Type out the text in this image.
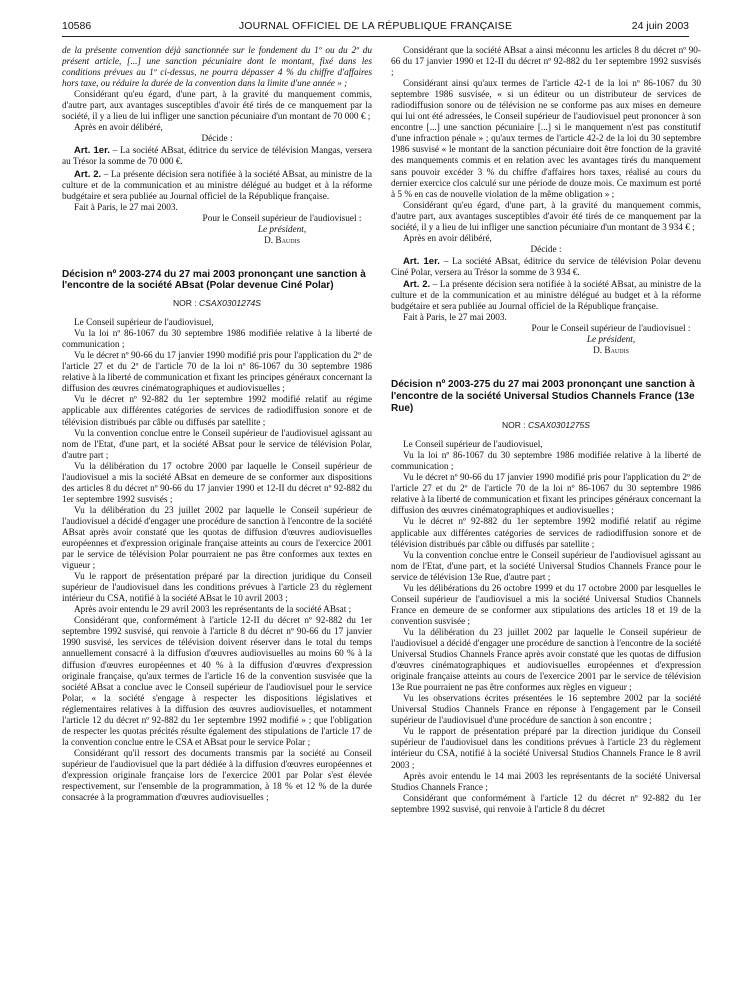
10586	JOURNAL OFFICIEL DE LA RÉPUBLIQUE FRANÇAISE	24 juin 2003

de la présente convention déjà sanctionnée sur le fondement du 1º ou du 2º du présent article, [...] une sanction pécuniaire dont le montant, fixé dans les conditions prévues au 1º ci-dessus, ne pourra dépasser 4 % du chiffre d'affaires hors taxe, ou réduire la durée de la convention dans la limite d'une année » ;

Considérant qu'eu égard, d'une part, à la gravité du manquement commis, d'autre part, aux avantages susceptibles d'avoir été tirés de ce manquement par la société, il y a lieu de lui infliger une sanction pécuniaire d'un montant de 70 000 € ;

Après en avoir délibéré,

Décide :

Art. 1er. – La société ABsat, éditrice du service de télévision Mangas, versera au Trésor la somme de 70 000 €.

Art. 2. – La présente décision sera notifiée à la société ABsat, au ministre de la culture et de la communication et au ministre délégué au budget et à la réforme budgétaire et sera publiée au Journal officiel de la République française.

Fait à Paris, le 27 mai 2003.

Pour le Conseil supérieur de l'audiovisuel :
Le président,
D. Baudis
Décision nº 2003-274 du 27 mai 2003 prononçant une sanction à l'encontre de la société ABsat (Polar devenue Ciné Polar)
NOR : CSAX0301274S

Le Conseil supérieur de l'audiovisuel,

Vu la loi nº 86-1067 du 30 septembre 1986 modifiée relative à la liberté de communication ;

Vu le décret nº 90-66 du 17 janvier 1990 modifié pris pour l'application du 2º de l'article 27 et du 2º de l'article 70 de la loi nº 86-1067 du 30 septembre 1986 relative à la liberté de communication et fixant les principes généraux concernant la diffusion des œuvres cinématographiques et audiovisuelles ;

Vu le décret nº 92-882 du 1er septembre 1992 modifié relatif au régime applicable aux différentes catégories de services de radiodiffusion sonore et de télévision distribués par câble ou diffusés par satellite ;

Vu la convention conclue entre le Conseil supérieur de l'audiovisuel agissant au nom de l'Etat, d'une part, et la société ABsat pour le service de télévision Polar, d'autre part ;

Vu la délibération du 17 octobre 2000 par laquelle le Conseil supérieur de l'audiovisuel a mis la société ABsat en demeure de se conformer aux dispositions des articles 8 du décret nº 90-66 du 17 janvier 1990 et 12-II du décret nº 92-882 du 1er septembre 1992 susvisés ;

Vu la délibération du 23 juillet 2002 par laquelle le Conseil supérieur de l'audiovisuel a décidé d'engager une procédure de sanction à l'encontre de la société ABsat après avoir constaté que les quotas de diffusion d'œuvres audiovisuelles européennes et d'expression originale française atteints au cours de l'exercice 2001 par le service de télévision Polar pourraient ne pas être conformes aux textes en vigueur ;

Vu le rapport de présentation préparé par la direction juridique du Conseil supérieur de l'audiovisuel dans les conditions prévues à l'article 23 du règlement intérieur du CSA, notifié à la société ABsat le 10 avril 2003 ;

Après avoir entendu le 29 avril 2003 les représentants de la société ABsat ;

Considérant que, conformément à l'article 12-II du décret nº 92-882 du 1er septembre 1992 susvisé, qui renvoie à l'article 8 du décret nº 90-66 du 17 janvier 1990 susvisé, les services de télévision doivent réserver dans le total du temps annuellement consacré à la diffusion d'œuvres audiovisuelles au moins 60 % à la diffusion d'œuvres européennes et 40 % à la diffusion d'œuvres d'expression originale française, qu'aux termes de l'article 16 de la convention susvisée que la société ABsat a conclue avec le Conseil supérieur de l'audiovisuel pour le service Polar, « la société s'engage à respecter les dispositions législatives et réglementaires relatives à la diffusion des œuvres audiovisuelles, et notamment l'article 12 du décret nº 92-882 du 1er septembre 1992 modifié » ; que l'obligation de respecter les quotas précités résulte également des stipulations de l'article 17 de la convention conclue entre le CSA et ABsat pour le service Polar ;

Considérant qu'il ressort des documents transmis par la société au Conseil supérieur de l'audiovisuel que la part dédiée à la diffusion d'œuvres européennes et d'expression originale française lors de l'exercice 2001 par Polar s'est élevée respectivement, sur l'ensemble de la programmation, à 18 % et 12 % de la durée consacrée à la programmation d'œuvres audiovisuelles ;

Considérant que la société ABsat a ainsi méconnu les articles 8 du décret nº 90-66 du 17 janvier 1990 et 12-II du décret nº 92-882 du 1er septembre 1992 susvisés ;

Considérant ainsi qu'aux termes de l'article 42-1 de la loi nº 86-1067 du 30 septembre 1986 susvisée, « si un éditeur ou un distributeur de services de radiodiffusion sonore ou de télévision ne se conforme pas aux mises en demeure qui lui ont été adressées, le Conseil supérieur de l'audiovisuel peut prononcer à son encontre [...] une sanction pécuniaire [...] si le manquement n'est pas constitutif d'une infraction pénale » ; qu'aux termes de l'article 42-2 de la loi du 30 septembre 1986 susvisé « le montant de la sanction pécuniaire doit être fonction de la gravité des manquements commis et en relation avec les avantages tirés du manquement sans pouvoir excéder 3 % du chiffre d'affaires hors taxes, réalisé au cours du dernier exercice clos calculé sur une période de douze mois. Ce maximum est porté à 5 % en cas de nouvelle violation de la même obligation » ;

Considérant qu'eu égard, d'une part, à la gravité du manquement commis, d'autre part, aux avantages susceptibles d'avoir été tirés de ce manquement par la société, il y a lieu de lui infliger une sanction pécuniaire d'un montant de 3 934 € ;

Après en avoir délibéré,

Décide :

Art. 1er. – La société ABsat, éditrice du service de télévision Polar devenu Ciné Polar, versera au Trésor la somme de 3 934 €.

Art. 2. – La présente décision sera notifiée à la société ABsat, au ministre de la culture et de la communication et au ministre délégué au budget et à la réforme budgétaire et sera publiée au Journal officiel de la République française.

Fait à Paris, le 27 mai 2003.

Pour le Conseil supérieur de l'audiovisuel :
Le président,
D. Baudis
Décision nº 2003-275 du 27 mai 2003 prononçant une sanction à l'encontre de la société Universal Studios Channels France (13e Rue)
NOR : CSAX0301275S

Le Conseil supérieur de l'audiovisuel,

Vu la loi nº 86-1067 du 30 septembre 1986 modifiée relative à la liberté de communication ;

Vu le décret nº 90-66 du 17 janvier 1990 modifié pris pour l'application du 2º de l'article 27 et du 2º de l'article 70 de la loi nº 86-1067 du 30 septembre 1986 relative à la liberté de communication et fixant les principes généraux concernant la diffusion des œuvres cinématographiques et audiovisuelles ;

Vu le décret nº 92-882 du 1er septembre 1992 modifié relatif au régime applicable aux différentes catégories de services de radiodiffusion sonore et de télévision distribués par câble ou diffusés par satellite ;

Vu la convention conclue entre le Conseil supérieur de l'audiovisuel agissant au nom de l'Etat, d'une part, et la société Universal Studios Channels France pour le service de télévision 13e Rue, d'autre part ;

Vu les délibérations du 26 octobre 1999 et du 17 octobre 2000 par lesquelles le Conseil supérieur de l'audiovisuel a mis la société Universal Studios Channels France en demeure de se conformer aux stipulations des articles 18 et 19 de la convention susvisée ;

Vu la délibération du 23 juillet 2002 par laquelle le Conseil supérieur de l'audiovisuel a décidé d'engager une procédure de sanction à l'encontre de la société Universal Studios Channels France après avoir constaté que les quotas de diffusion d'œuvres cinématographiques et audiovisuelles européennes et d'expression originale française atteints au cours de l'exercice 2001 par le service de télévision 13e Rue pourraient ne pas être conformes aux règles en vigueur ;

Vu les observations écrites présentées le 16 septembre 2002 par la société Universal Studios Channels France en réponse à l'engagement par le Conseil supérieur de l'audiovisuel d'une procédure de sanction à son encontre ;

Vu le rapport de présentation préparé par la direction juridique du Conseil supérieur de l'audiovisuel dans les conditions prévues à l'article 23 du règlement intérieur du CSA, notifié à la société Universal Studios Channels France le 8 avril 2003 ;

Après avoir entendu le 14 mai 2003 les représentants de la société Universal Studios Channels France ;

Considérant que conformément à l'article 12 du décret nº 92-882 du 1er septembre 1992 susvisé, qui renvoie à l'article 8 du décret
